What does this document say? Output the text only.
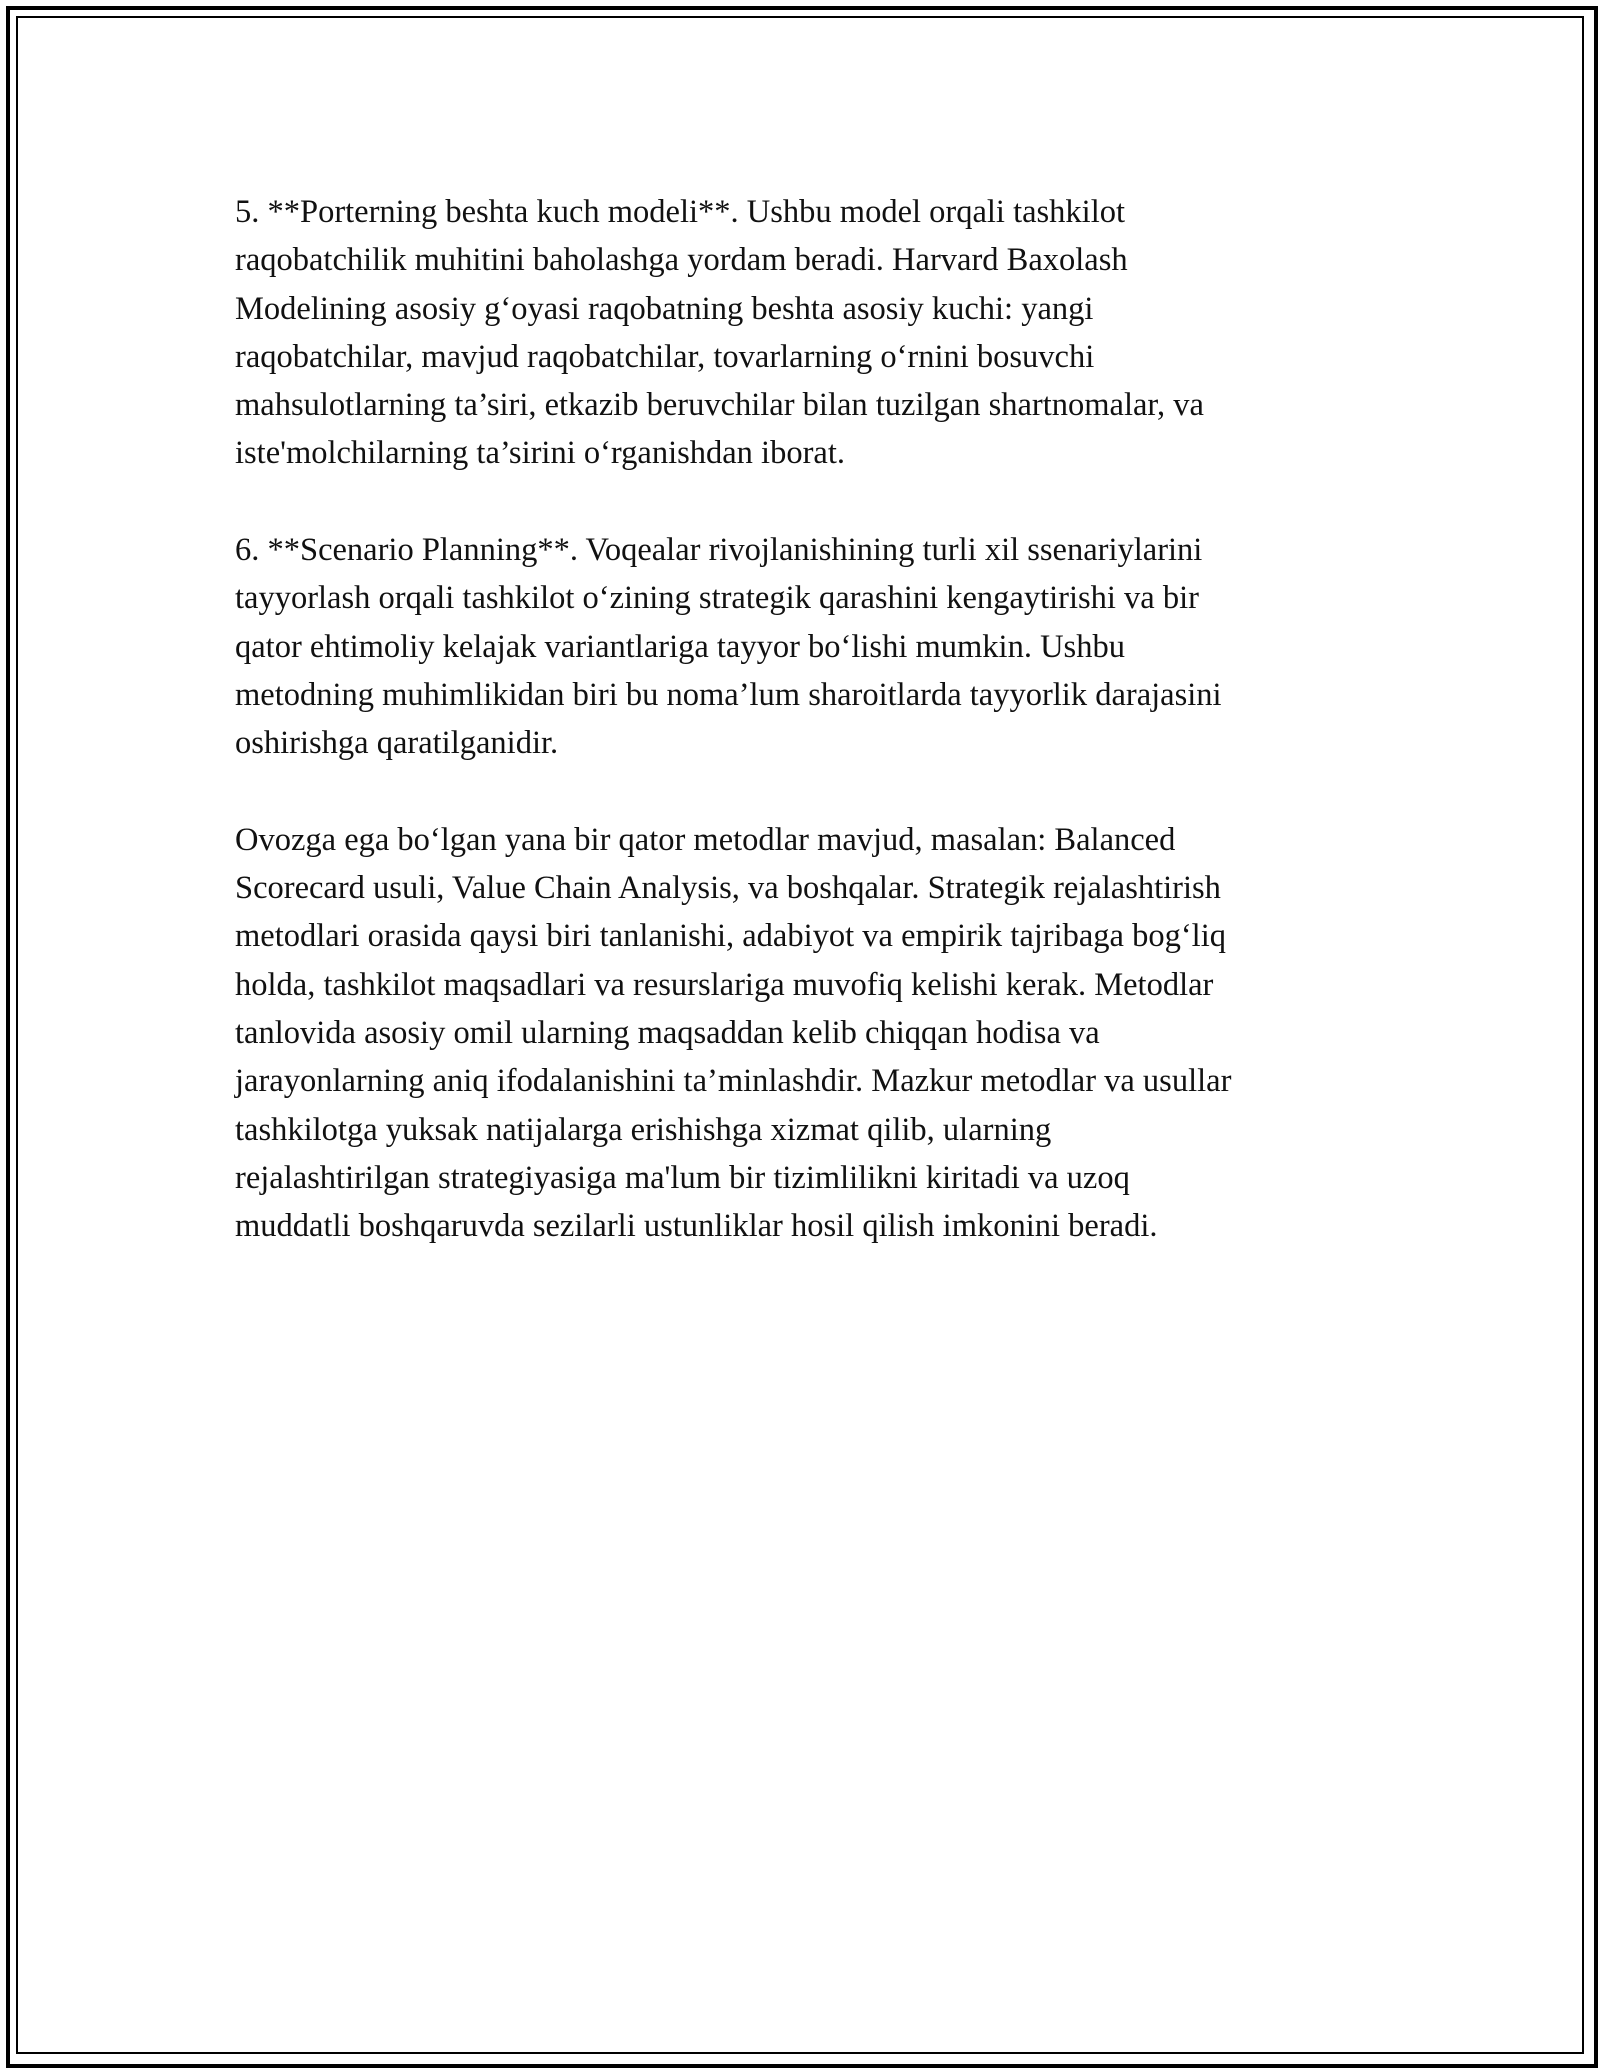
5. **Porterning beshta kuch modeli**. Ushbu model orqali tashkilot
raqobatchilik muhitini baholashga yordam beradi. Harvard Baxolash
Modelining asosiy g‘oyasi raqobatning beshta asosiy kuchi: yangi
raqobatchilar, mavjud raqobatchilar, tovarlarning o‘rnini bosuvchi
mahsulotlarning ta’siri, etkazib beruvchilar bilan tuzilgan shartnomalar, va
iste'molchilarning ta’sirini o‘rganishdan iborat.

6. **Scenario Planning**. Voqealar rivojlanishining turli xil ssenariylarini
tayyorlash orqali tashkilot o‘zining strategik qarashini kengaytirishi va bir
qator ehtimoliy kelajak variantlariga tayyor bo‘lishi mumkin. Ushbu
metodning muhimlikidan biri bu noma’lum sharoitlarda tayyorlik darajasini
oshirishga qaratilganidir.

Ovozga ega bo‘lgan yana bir qator metodlar mavjud, masalan: Balanced
Scorecard usuli, Value Chain Analysis, va boshqalar. Strategik rejalashtirish
metodlari orasida qaysi biri tanlanishi, adabiyot va empirik tajribaga bog‘liq
holda, tashkilot maqsadlari va resurslariga muvofiq kelishi kerak. Metodlar
tanlovida asosiy omil ularning maqsaddan kelib chiqqan hodisa va
jarayonlarning aniq ifodalanishini ta’minlashdir. Mazkur metodlar va usullar
tashkilotga yuksak natijalarga erishishga xizmat qilib, ularning
rejalashtirilgan strategiyasiga ma'lum bir tizimlilikni kiritadi va uzoq
muddatli boshqaruvda sezilarli ustunliklar hosil qilish imkonini beradi.
